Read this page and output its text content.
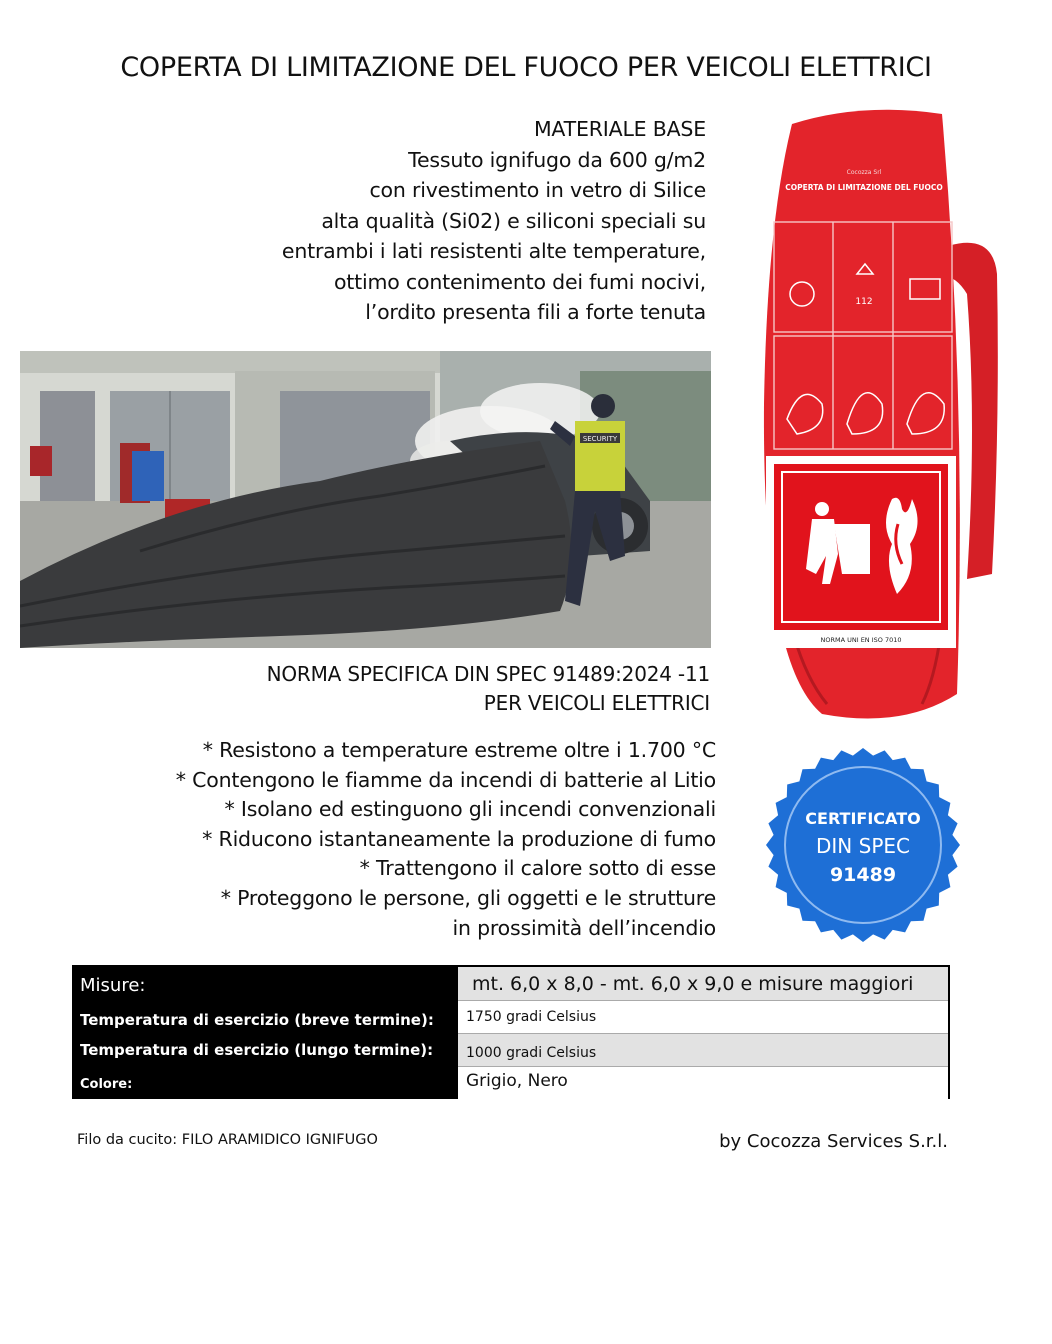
COPERTA DI LIMITAZIONE DEL FUOCO PER VEICOLI ELETTRICI
MATERIALE BASE
Tessuto ignifugo da 600 g/m2
con rivestimento in vetro di Silice
alta qualità (Si02) e siliconi speciali su
entrambi i lati resistenti alte temperature,
ottimo contenimento dei fumi nocivi,
l’ordito presenta fili a forte tenuta
SECURITY
NORMA SPECIFICA DIN SPEC 91489:2024 -11
PER VEICOLI ELETTRICI
* Resistono a temperature estreme oltre i 1.700 °C
* Contengono le fiamme da incendi di batterie al Litio
* Isolano ed estinguono gli incendi convenzionali
* Riducono istantaneamente la produzione di fumo
* Trattengono il calore sotto di esse
* Proteggono le persone, gli oggetti e le strutture
in prossimità dell’incendio
Cocozza Srl
COPERTA DI LIMITAZIONE DEL FUOCO
112
NORMA UNI EN ISO 7010
CERTIFICATO
DIN SPEC
91489
Misure:	mt. 6,0 x 8,0 - mt. 6,0 x 9,0 e misure maggiori
Temperatura di esercizio (breve termine):	1750 gradi Celsius
Temperatura di esercizio (lungo termine):	1000 gradi Celsius
Colore:	Grigio, Nero
Filo da cucito: FILO ARAMIDICO IGNIFUGO	by Cocozza Services S.r.l.
